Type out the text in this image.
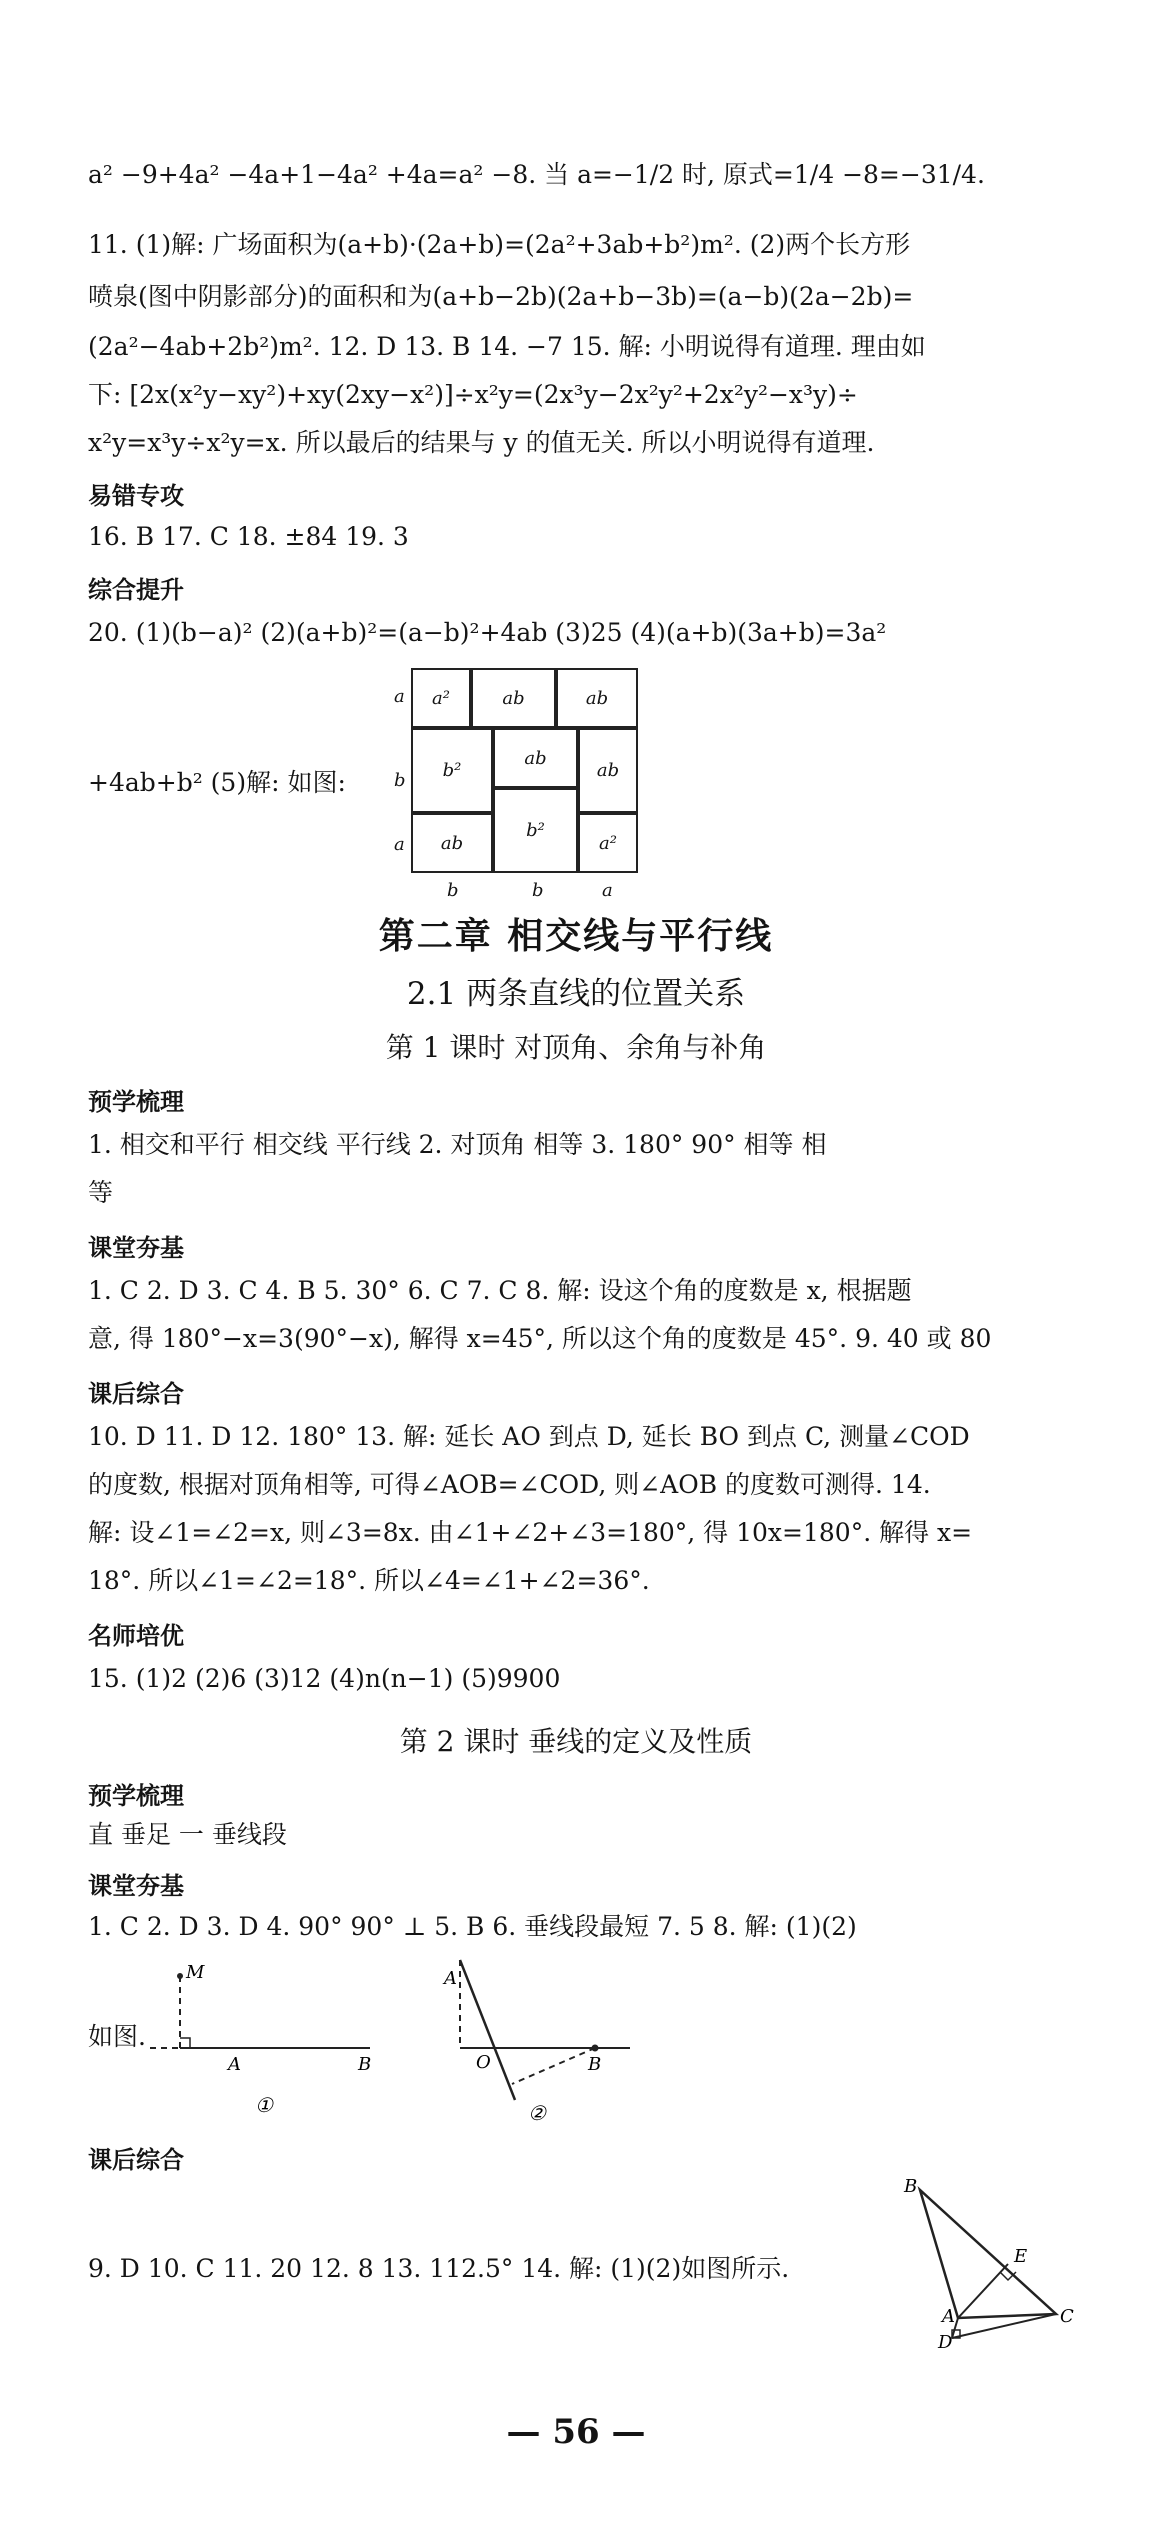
a² −9+4a² −4a+1−4a² +4a=a² −8. 当 a=−1/2 时, 原式=1/4 −8=−31/4.
11. (1)解: 广场面积为(a+b)·(2a+b)=(2a²+3ab+b²)m². (2)两个长方形
喷泉(图中阴影部分)的面积和为(a+b−2b)(2a+b−3b)=(a−b)(2a−2b)=
(2a²−4ab+2b²)m². 12. D 13. B 14. −7 15. 解: 小明说得有道理. 理由如
下: [2x(x²y−xy²)+xy(2xy−x²)]÷x²y=(2x³y−2x²y²+2x²y²−x³y)÷
x²y=x³y÷x²y=x. 所以最后的结果与 y 的值无关. 所以小明说得有道理.
易错专攻
16. B 17. C 18. ±84 19. 3
综合提升
20. (1)(b−a)² (2)(a+b)²=(a−b)²+4ab (3)25 (4)(a+b)(3a+b)=3a²
+4ab+b² (5)解: 如图:
a²	ab	ab
b²
ab
ab
b²
ab	a²
a
b
a
b	b	a
第二章 相交线与平行线
2.1 两条直线的位置关系
第 1 课时 对顶角、余角与补角
预学梳理
1. 相交和平行 相交线 平行线 2. 对顶角 相等 3. 180° 90° 相等 相
等
课堂夯基
1. C 2. D 3. C 4. B 5. 30° 6. C 7. C 8. 解: 设这个角的度数是 x, 根据题
意, 得 180°−x=3(90°−x), 解得 x=45°, 所以这个角的度数是 45°. 9. 40 或 80
课后综合
10. D 11. D 12. 180° 13. 解: 延长 AO 到点 D, 延长 BO 到点 C, 测量∠COD
的度数, 根据对顶角相等, 可得∠AOB=∠COD, 则∠AOB 的度数可测得. 14.
解: 设∠1=∠2=x, 则∠3=8x. 由∠1+∠2+∠3=180°, 得 10x=180°. 解得 x=
18°. 所以∠1=∠2=18°. 所以∠4=∠1+∠2=36°.
名师培优
15. (1)2 (2)6 (3)12 (4)n(n−1) (5)9900
第 2 课时 垂线的定义及性质
预学梳理
直 垂足 一 垂线段
课堂夯基
1. C 2. D 3. D 4. 90° 90° ⊥ 5. B 6. 垂线段最短 7. 5 8. 解: (1)(2)
如图.
M
A	B
①
A
O	B
②
课后综合
9. D 10. C 11. 20 12. 8 13. 112.5° 14. 解: (1)(2)如图所示.
B
E
A	C
D
— 56 —
